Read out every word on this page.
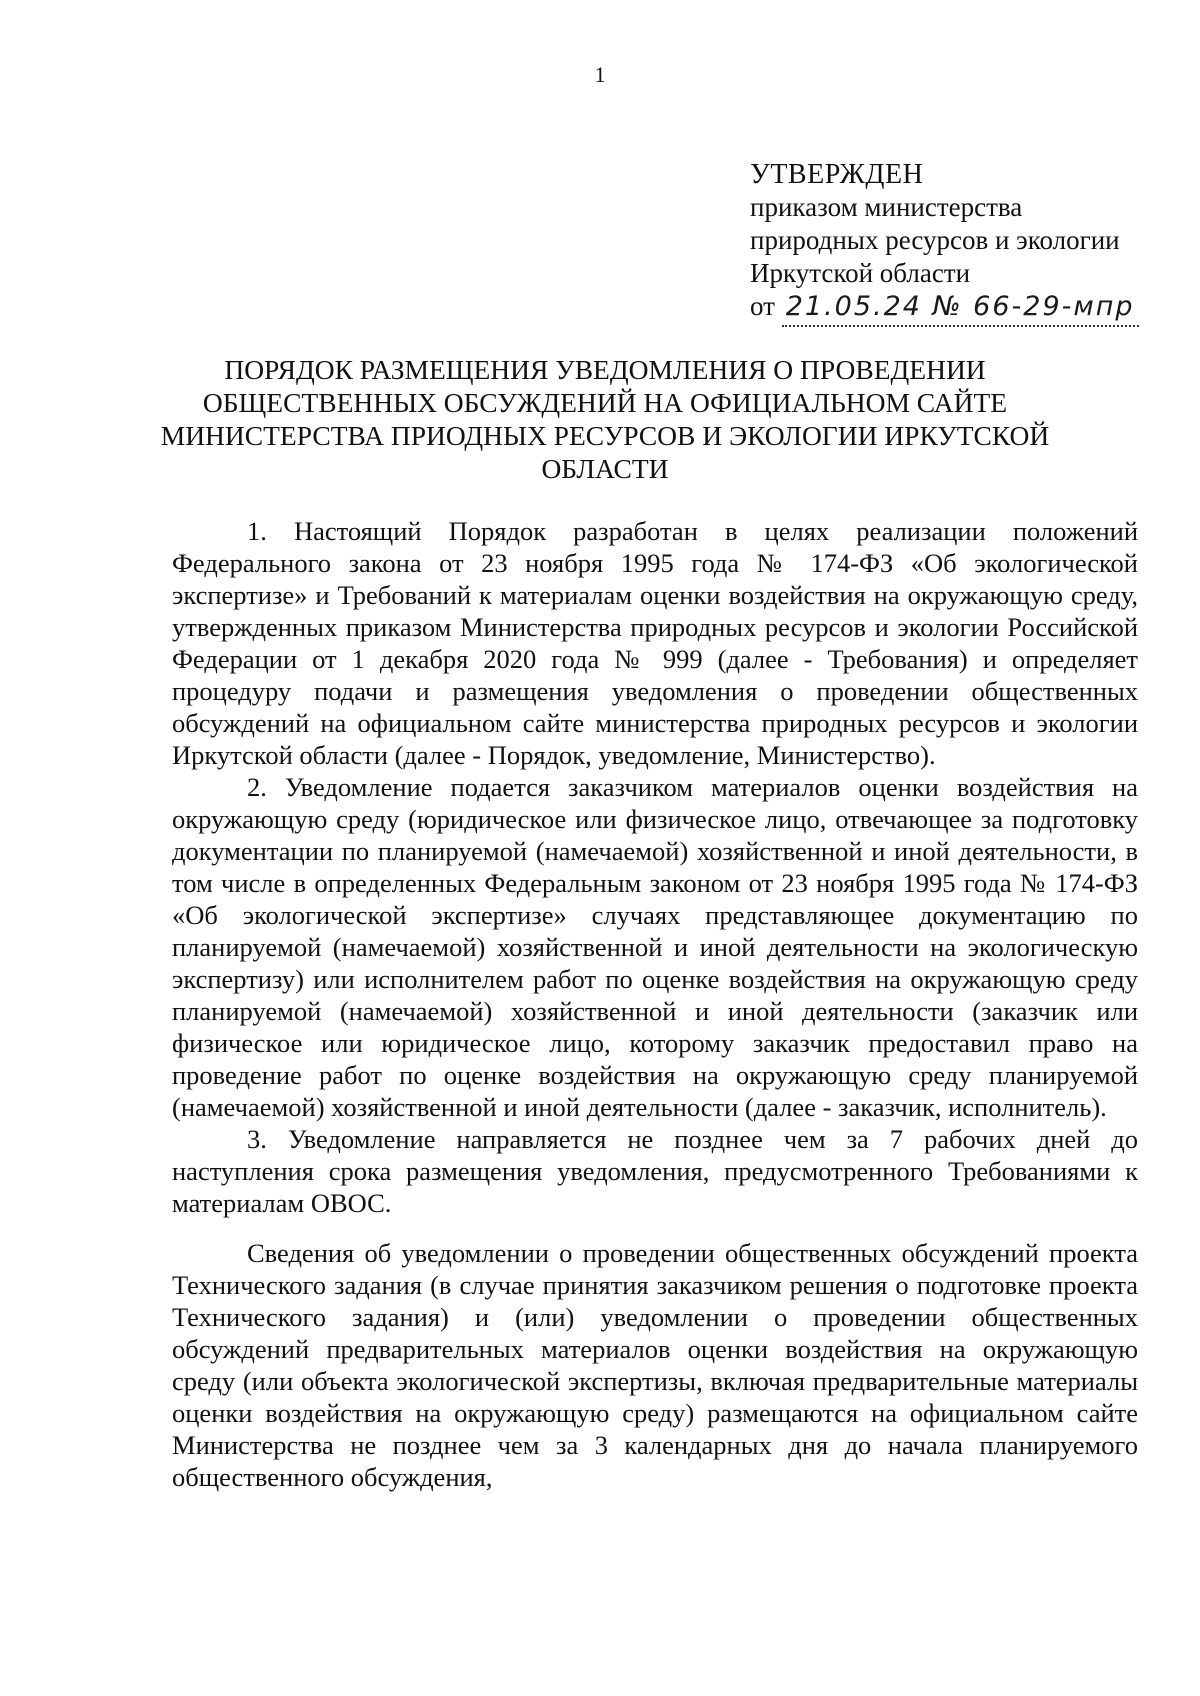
1
УТВЕРЖДЕН
приказом министерства
природных ресурсов и экологии
Иркутской области
от 21.05.24 № 66-29-мпр
ПОРЯДОК РАЗМЕЩЕНИЯ УВЕДОМЛЕНИЯ О ПРОВЕДЕНИИ ОБЩЕСТВЕННЫХ ОБСУЖДЕНИЙ НА ОФИЦИАЛЬНОМ САЙТЕ МИНИСТЕРСТВА ПРИОДНЫХ РЕСУРСОВ И ЭКОЛОГИИ ИРКУТСКОЙ ОБЛАСТИ

1. Настоящий Порядок разработан в целях реализации положений Федерального закона от 23 ноября 1995 года № 174-ФЗ «Об экологической экспертизе» и Требований к материалам оценки воздействия на окружающую среду, утвержденных приказом Министерства природных ресурсов и экологии Российской Федерации от 1 декабря 2020 года № 999 (далее - Требования) и определяет процедуру подачи и размещения уведомления о проведении общественных обсуждений на официальном сайте министерства природных ресурсов и экологии Иркутской области (далее - Порядок, уведомление, Министерство).

2. Уведомление подается заказчиком материалов оценки воздействия на окружающую среду (юридическое или физическое лицо, отвечающее за подготовку документации по планируемой (намечаемой) хозяйственной и иной деятельности, в том числе в определенных Федеральным законом от 23 ноября 1995 года № 174-ФЗ «Об экологической экспертизе» случаях представляющее документацию по планируемой (намечаемой) хозяйственной и иной деятельности на экологическую экспертизу) или исполнителем работ по оценке воздействия на окружающую среду планируемой (намечаемой) хозяйственной и иной деятельности (заказчик или физическое или юридическое лицо, которому заказчик предоставил право на проведение работ по оценке воздействия на окружающую среду планируемой (намечаемой) хозяйственной и иной деятельности (далее - заказчик, исполнитель).

3. Уведомление направляется не позднее чем за 7 рабочих дней до наступления срока размещения уведомления, предусмотренного Требованиями к материалам ОВОС.

Сведения об уведомлении о проведении общественных обсуждений проекта Технического задания (в случае принятия заказчиком решения о подготовке проекта Технического задания) и (или) уведомлении о проведении общественных обсуждений предварительных материалов оценки воздействия на окружающую среду (или объекта экологической экспертизы, включая предварительные материалы оценки воздействия на окружающую среду) размещаются на официальном сайте Министерства не позднее чем за 3 календарных дня до начала планируемого общественного обсуждения,
